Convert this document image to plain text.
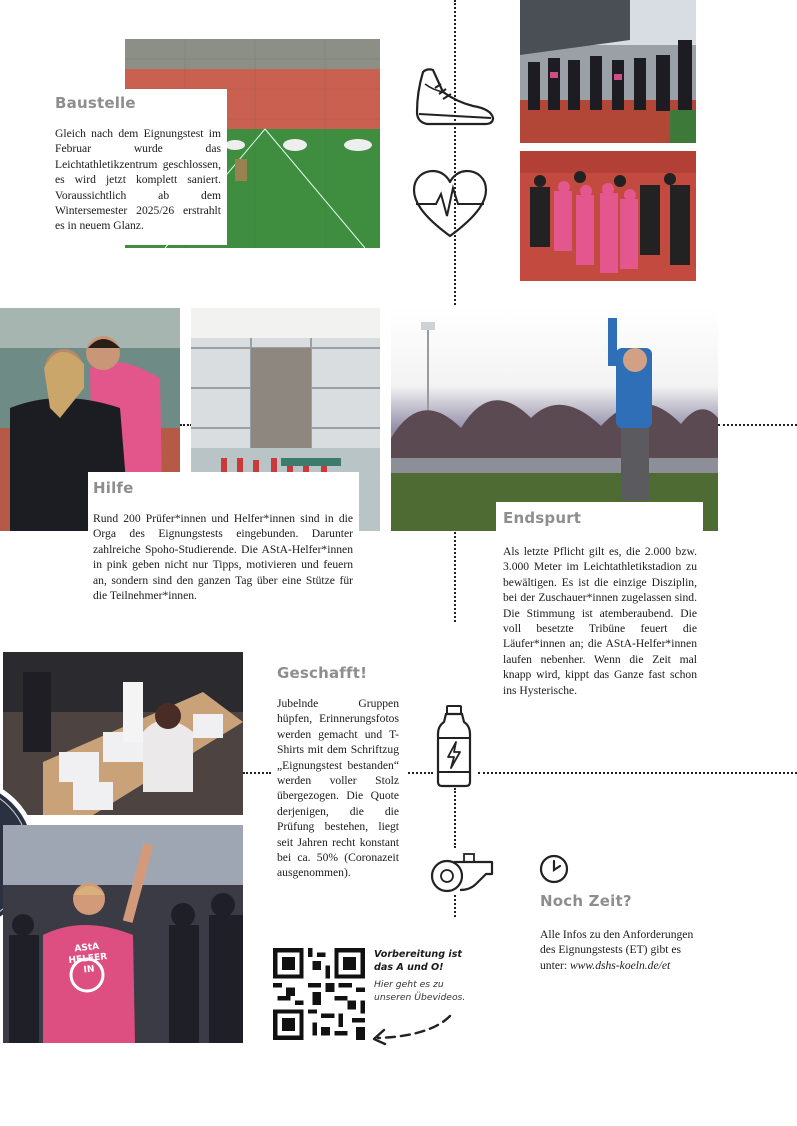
Baustelle
Gleich nach dem Eignungstest im Februar wurde das Leichtathletikzentrum geschlossen, es wird jetzt komplett saniert. Voraussichtlich ab dem Wintersemester 2025/26 erstrahlt es in neuem Glanz.
Hilfe
Rund 200 Prüfer*innen und Helfer*innen sind in die Orga des Eignungstests eingebunden. Darunter zahlreiche Spoho-Studierende. Die AStA-Helfer*innen in pink geben nicht nur Tipps, motivieren und feuern an, sondern sind den ganzen Tag über eine Stütze für die Teilnehmer*innen.
Endspurt
Als letzte Pflicht gilt es, die 2.000 bzw. 3.000 Meter im Leichtathletikstadion zu bewältigen. Es ist die einzige Disziplin, bei der Zuschauer*innen zugelassen sind. Die Stimmung ist atemberaubend. Die voll besetzte Tribüne feuert die Läufer*innen an; die AStA-Helfer*innen laufen nebenher. Wenn die Zeit mal knapp wird, kippt das Ganze fast schon ins Hysterische.
Geschafft!
Jubelnde Gruppen hüpfen, Erinnerungsfotos werden gemacht und T-Shirts mit dem Schriftzug „Eignungstest bestanden“ werden voller Stolz übergezogen. Die Quote derjenigen, die die Prüfung bestehen, liegt seit Jahren recht konstant bei ca. 50% (Coronazeit ausgenommen).
AStA HELFER IN
Vorbereitung ist das A und O!
Hier geht es zu unseren Übevideos.
Noch Zeit?
Alle Infos zu den Anforderungen des Eignungstests (ET) gibt es unter: www.dshs-koeln.de/et
